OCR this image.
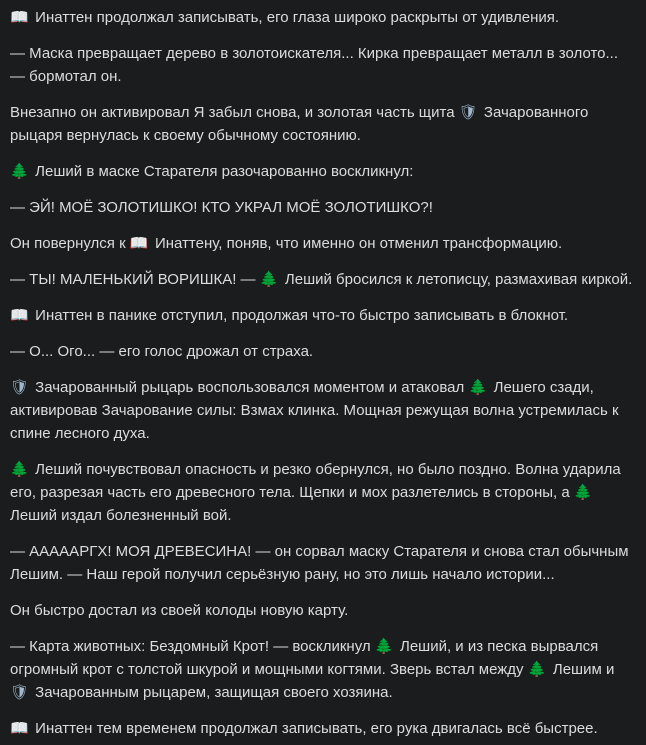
📖 Инаттен продолжал записывать, его глаза широко раскрыты от удивления.

— Маска превращает дерево в золотоискателя... Кирка превращает металл в золото... — бормотал он.

Внезапно он активировал Я забыл снова, и золотая часть щита 🛡 Зачарованного рыцаря вернулась к своему обычному состоянию.

🌲 Леший в маске Старателя разочарованно воскликнул:

— ЭЙ! МОЁ ЗОЛОТИШКО! КТО УКРАЛ МОЁ ЗОЛОТИШКО?!

Он повернулся к 📖 Инаттену, поняв, что именно он отменил трансформацию.

— ТЫ! МАЛЕНЬКИЙ ВОРИШКА! — 🌲 Леший бросился к летописцу, размахивая киркой.

📖 Инаттен в панике отступил, продолжая что-то быстро записывать в блокнот.

— О... Ого... — его голос дрожал от страха.

🛡 Зачарованный рыцарь воспользовался моментом и атаковал 🌲 Лешего сзади, активировав Зачарование силы: Взмах клинка. Мощная режущая волна устремилась к спине лесного духа.

🌲 Леший почувствовал опасность и резко обернулся, но было поздно. Волна ударила его, разрезая часть его древесного тела. Щепки и мох разлетелись в стороны, а 🌲 Леший издал болезненный вой.

— АААААРГХ! МОЯ ДРЕВЕСИНА! — он сорвал маску Старателя и снова стал обычным Лешим. — Наш герой получил серьёзную рану, но это лишь начало истории...

Он быстро достал из своей колоды новую карту.

— Карта животных: Бездомный Крот! — воскликнул 🌲 Леший, и из песка вырвался огромный крот с толстой шкурой и мощными когтями. Зверь встал между 🌲 Лешим и 🛡 Зачарованным рыцарем, защищая своего хозяина.

📖 Инаттен тем временем продолжал записывать, его рука двигалась всё быстрее.
